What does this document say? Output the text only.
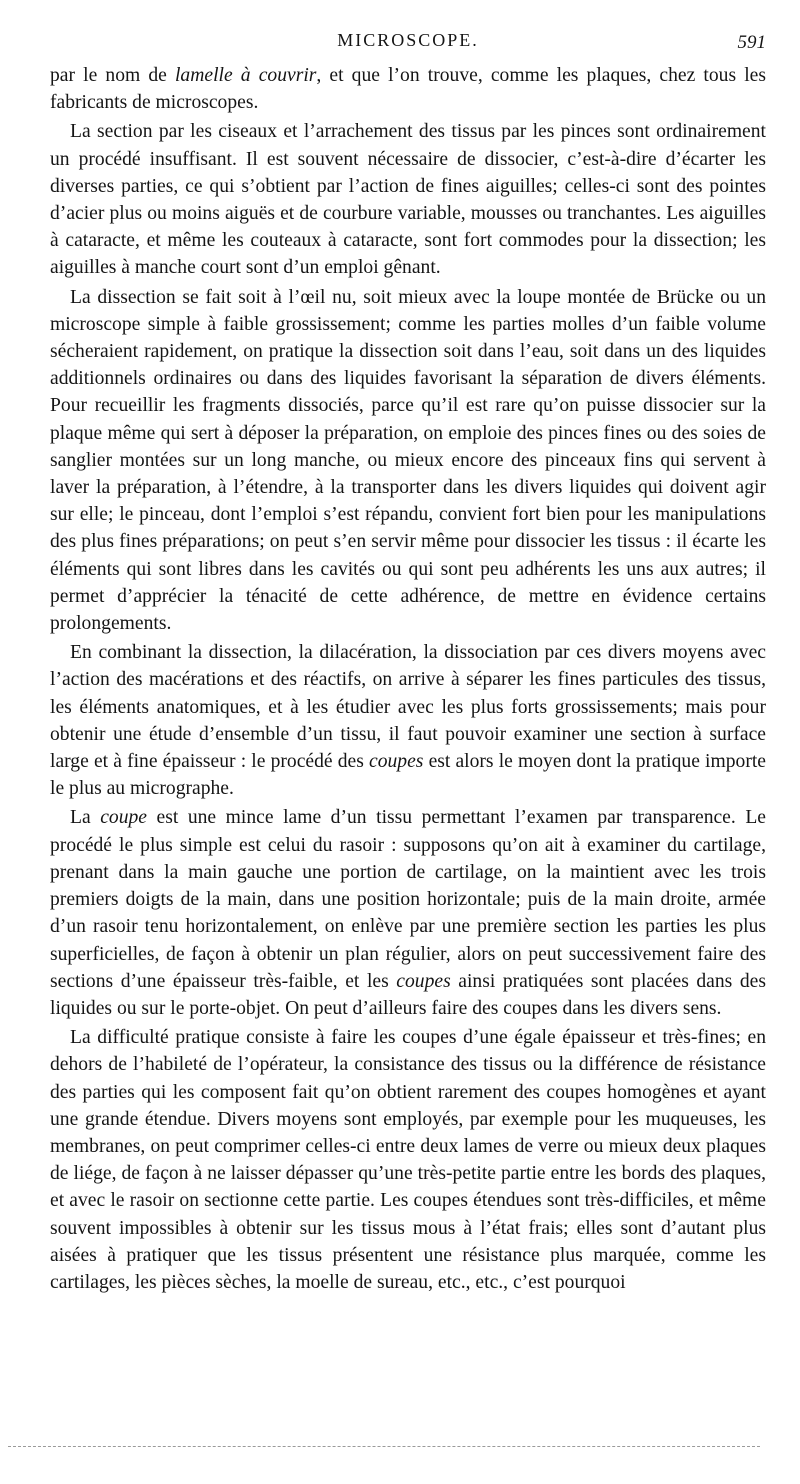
MICROSCOPE.	591

par le nom de lamelle à couvrir, et que l’on trouve, comme les plaques, chez tous les fabricants de microscopes.

La section par les ciseaux et l’arrachement des tissus par les pinces sont ordinairement un procédé insuffisant. Il est souvent nécessaire de dissocier, c’est-à-dire d’écarter les diverses parties, ce qui s’obtient par l’action de fines aiguilles; celles-ci sont des pointes d’acier plus ou moins aiguës et de courbure variable, mousses ou tranchantes. Les aiguilles à cataracte, et même les couteaux à cataracte, sont fort commodes pour la dissection; les aiguilles à manche court sont d’un emploi gênant.

La dissection se fait soit à l’œil nu, soit mieux avec la loupe montée de Brücke ou un microscope simple à faible grossissement; comme les parties molles d’un faible volume sécheraient rapidement, on pratique la dissection soit dans l’eau, soit dans un des liquides additionnels ordinaires ou dans des liquides favorisant la séparation de divers éléments. Pour recueillir les fragments dissociés, parce qu’il est rare qu’on puisse dissocier sur la plaque même qui sert à déposer la préparation, on emploie des pinces fines ou des soies de sanglier montées sur un long manche, ou mieux encore des pinceaux fins qui servent à laver la préparation, à l’étendre, à la transporter dans les divers liquides qui doivent agir sur elle; le pinceau, dont l’emploi s’est répandu, convient fort bien pour les manipulations des plus fines préparations; on peut s’en servir même pour dissocier les tissus : il écarte les éléments qui sont libres dans les cavités ou qui sont peu adhérents les uns aux autres; il permet d’apprécier la ténacité de cette adhérence, de mettre en évidence certains prolongements.

En combinant la dissection, la dilacération, la dissociation par ces divers moyens avec l’action des macérations et des réactifs, on arrive à séparer les fines particules des tissus, les éléments anatomiques, et à les étudier avec les plus forts grossissements; mais pour obtenir une étude d’ensemble d’un tissu, il faut pouvoir examiner une section à surface large et à fine épaisseur : le procédé des coupes est alors le moyen dont la pratique importe le plus au micrographe.

La coupe est une mince lame d’un tissu permettant l’examen par transparence. Le procédé le plus simple est celui du rasoir : supposons qu’on ait à examiner du cartilage, prenant dans la main gauche une portion de cartilage, on la maintient avec les trois premiers doigts de la main, dans une position horizontale; puis de la main droite, armée d’un rasoir tenu horizontalement, on enlève par une première section les parties les plus superficielles, de façon à obtenir un plan régulier, alors on peut successivement faire des sections d’une épaisseur très-faible, et les coupes ainsi pratiquées sont placées dans des liquides ou sur le porte-objet. On peut d’ailleurs faire des coupes dans les divers sens.

La difficulté pratique consiste à faire les coupes d’une égale épaisseur et très-fines; en dehors de l’habileté de l’opérateur, la consistance des tissus ou la différence de résistance des parties qui les composent fait qu’on obtient rarement des coupes homogènes et ayant une grande étendue. Divers moyens sont employés, par exemple pour les muqueuses, les membranes, on peut comprimer celles-ci entre deux lames de verre ou mieux deux plaques de liége, de façon à ne laisser dépasser qu’une très-petite partie entre les bords des plaques, et avec le rasoir on sectionne cette partie. Les coupes étendues sont très-difficiles, et même souvent impossibles à obtenir sur les tissus mous à l’état frais; elles sont d’autant plus aisées à pratiquer que les tissus présentent une résistance plus marquée, comme les cartilages, les pièces sèches, la moelle de sureau, etc., etc., c’est pourquoi
